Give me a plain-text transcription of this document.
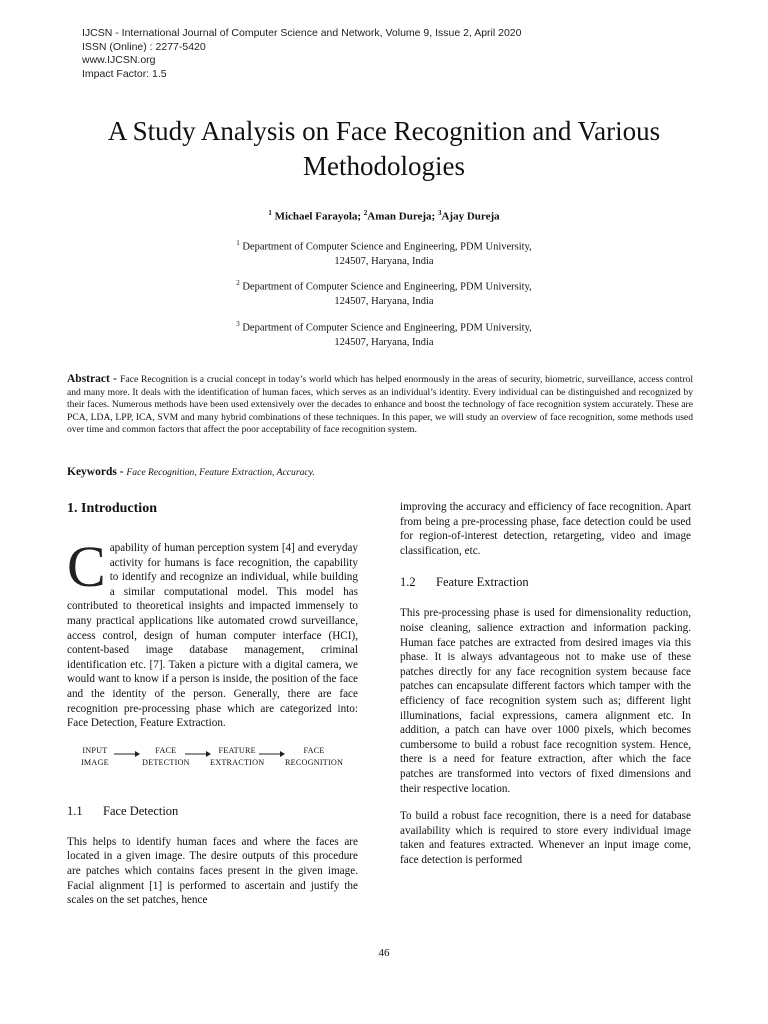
IJCSN - International Journal of Computer Science and Network, Volume 9, Issue 2, April 2020
ISSN (Online) : 2277-5420
www.IJCSN.org
Impact Factor: 1.5
A Study Analysis on Face Recognition and Various
Methodologies
$^1$ Michael Farayola; $^2$Aman Dureja; $^3$Ajay Dureja
$^1$ Department of Computer Science and Engineering, PDM University,
124507, Haryana, India
$^2$ Department of Computer Science and Engineering, PDM University,
124507, Haryana, India
$^3$ Department of Computer Science and Engineering, PDM University,
124507, Haryana, India

Abstract - Face Recognition is a crucial concept in today’s world which has helped enormously in the areas of security, biometric, surveillance, access control and many more. It deals with the identification of human faces, which serves as an individual’s identity. Every individual can be distinguished and recognized by their faces. Numerous methods have been used extensively over the decades to enhance and boost the technology of face recognition system accurately. These are PCA, LDA, LPP, ICA, SVM and many hybrid combinations of these techniques. In this paper, we will study an overview of face recognition, some methods used over time and common factors that affect the poor acceptability of face recognition system.

Keywords - Face Recognition, Feature Extraction, Accuracy.

1. Introduction

Capability of human perception system [4] and everyday activity for humans is face recognition, the capability to identify and recognize an individual, while building a similar computational model. This model has contributed to theoretical insights and impacted immensely to many practical applications like automated crowd surveillance, access control, design of human computer interface (HCI), content-based image database management, criminal identification etc. [7]. Taken a picture with a digital camera, we would want to know if a person is inside, the position of the face and the identity of the person. Generally, there are face recognition pre-processing phase which are categorized into: Face Detection, Feature Extraction.

INPUT
IMAGE
FACE
DETECTION
FEATURE
EXTRACTION
FACE
RECOGNITION
1.1 Face Detection

This helps to identify human faces and where the faces are located in a given image. The desire outputs of this procedure are patches which contains faces present in the given image. Facial alignment [1] is performed to ascertain and justify the scales on the set patches, hence

improving the accuracy and efficiency of face recognition. Apart from being a pre-processing phase, face detection could be used for region-of-interest detection, retargeting, video and image classification, etc.

1.2 Feature Extraction

This pre-processing phase is used for dimensionality reduction, noise cleaning, salience extraction and information packing. Human face patches are extracted from desired images via this phase. It is always advantageous not to make use of these patches directly for any face recognition system because face patches can encapsulate different factors which tamper with the efficiency of face recognition system such as; different light illuminations, facial expressions, camera alignment etc. In addition, a patch can have over 1000 pixels, which becomes cumbersome to build a robust face recognition system. Hence, there is a need for feature extraction, after which the face patches are transformed into vectors of fixed dimensions and their respective location.

To build a robust face recognition, there is a need for database availability which is required to store every individual image taken and features extracted. Whenever an input image come, face detection is performed

46
